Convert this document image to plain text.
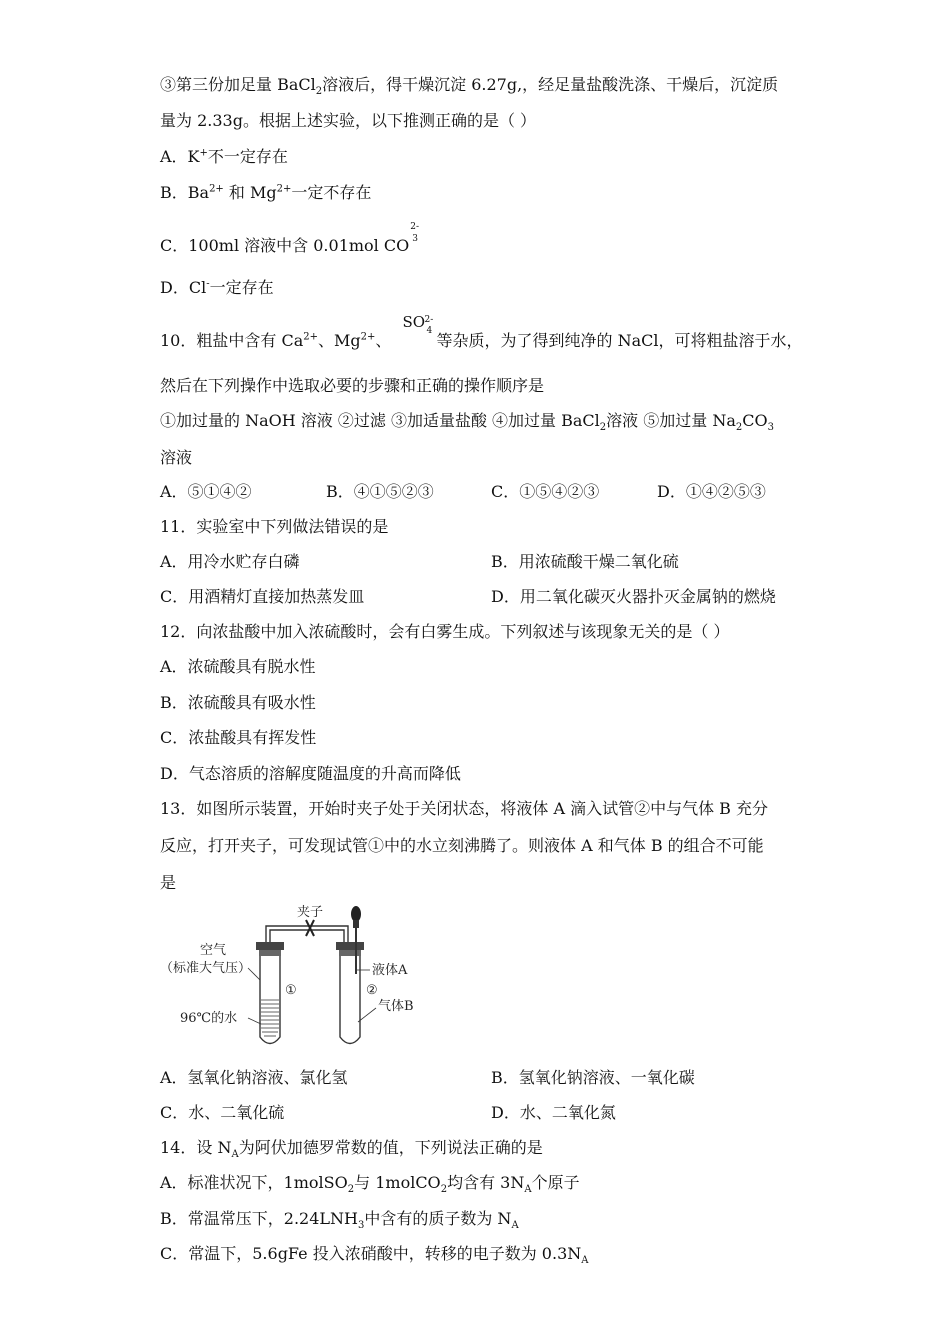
③第三份加足量 BaCl$_2$溶液后，得干燥沉淀 6.27g,，经足量盐酸洗涤、干燥后，沉淀质
量为 2.33g。根据上述实验，以下推测正确的是（ ）
A．K+不一定存在
B．$Ba^{2+}$ 和 $Mg^{2+}$一定不存在
C．100ml 溶液中含 0.01mol CO
2-
3
D．Cl-一定存在
10．粗盐中含有 $Ca^{2+}$、$Mg^{2+}$、
SO 2-
4 等杂质，为了得到纯净的 NaCl，可将粗盐溶于水，
然后在下列操作中选取必要的步骤和正确的操作顺序是
①加过量的 NaOH 溶液 ②过滤 ③加适量盐酸 ④加过量 BaCl$_2$溶液 ⑤加过量 $Na_2CO_3$
溶液
A．⑤①④②	B．④①⑤②③	C．①⑤④②③	D．①④②⑤③
11．实验室中下列做法错误的是
A．用冷水贮存白磷	B．用浓硫酸干燥二氧化硫
C．用酒精灯直接加热蒸发皿	D．用二氧化碳灭火器扑灭金属钠的燃烧
12．向浓盐酸中加入浓硫酸时，会有白雾生成。下列叙述与该现象无关的是（ ）
A．浓硫酸具有脱水性
B．浓硫酸具有吸水性
C．浓盐酸具有挥发性
D．气态溶质的溶解度随温度的升高而降低
13．如图所示装置，开始时夹子处于关闭状态，将液体 A 滴入试管②中与气体 B 充分
反应，打开夹子，可发现试管①中的水立刻沸腾了。则液体 A 和气体 B 的组合不可能
是
夹子
空气
（标准大气压）
①
96℃的水
液体A
②
气体B
A．氢氧化钠溶液、氯化氢	B．氢氧化钠溶液、一氧化碳
C．水、二氧化硫	D．水、二氧化氮
14．设 $N_A$为阿伏加德罗常数的值，下列说法正确的是
A．标准状况下，1molSO$_2$与 1molCO$_2$均含有 $3N_A$个原子
B．常温常压下，$2.24LNH_3$中含有的质子数为 $N_A$
C．常温下，5.6gFe 投入浓硝酸中，转移的电子数为 $0.3N_A$
